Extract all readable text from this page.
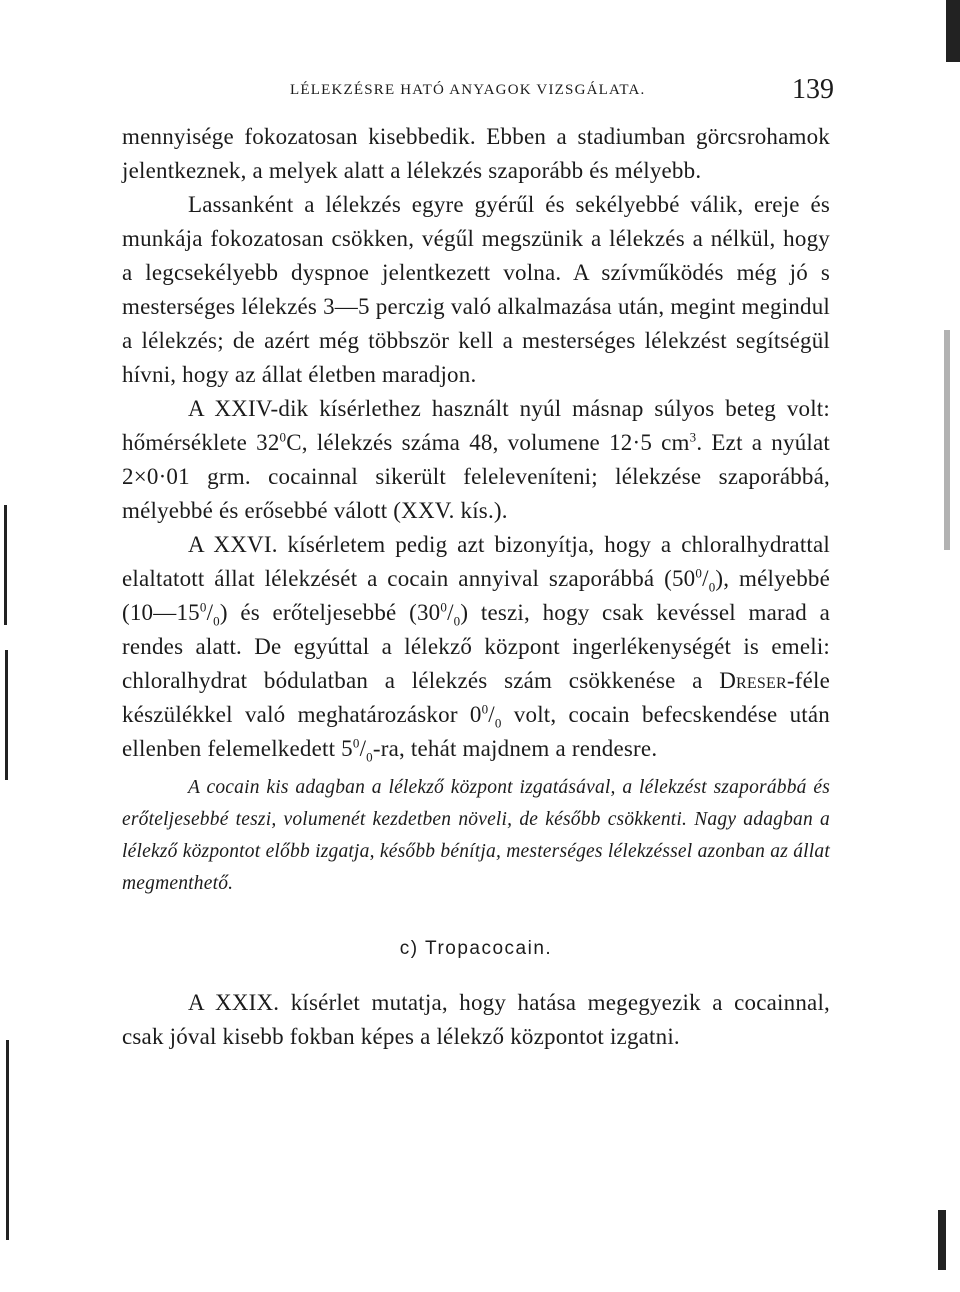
LÉLEKZÉSRE HATÓ ANYAGOK VIZSGÁLATA.	139

mennyisége fokozatosan kisebbedik. Ebben a stadiumban görcsrohamok jelentkeznek, a melyek alatt a lélekzés szaporább és mélyebb.

Lassanként a lélekzés egyre gyérűl és sekélyebbé válik, ereje és munkája fokozatosan csökken, végűl megszünik a lélekzés a nélkül, hogy a legcsekélyebb dyspnoe jelentkezett volna. A szívműködés még jó s mesterséges lélekzés 3—5 perczig való alkalmazása után, megint megindul a lélekzés; de azért még többször kell a mesterséges lélekzést segítségül hívni, hogy az állat életben maradjon.

A XXIV-dik kísérlethez használt nyúl másnap súlyos beteg volt: hőmérséklete $32^0C$, lélekzés száma 48, volumene 12·5 $cm^3$. Ezt a nyúlat 2×0·01 grm. cocainnal sikerült feleleveníteni; lélekzése szaporábbá, mélyebbé és erősebbé válott (XXV. kís.).

A XXVI. kísérletem pedig azt bizonyítja, hogy a chloralhydrattal elaltatott állat lélekzését a cocain annyival szaporábbá $(50^0/_0)$, mélyebbé $(10—15^0/_0)$ és erőteljesebbé $(30^0/_0)$ teszi, hogy csak kevéssel marad a rendes alatt. De egyúttal a lélekző központ ingerlékenységét is emeli: chloralhydrat bódulatban a lélekzés szám csökkenése a Dreser-féle készülékkel való meghatározáskor $0^0/_0$ volt, cocain befecskendése után ellenben felemelkedett $5^0/_0-ra$, tehát majdnem a rendesre.

A cocain kis adagban a lélekző központ izgatásával, a lélekzést szaporábbá és erőteljesebbé teszi, volumenét kezdetben növeli, de később csökkenti. Nagy adagban a lélekző központot előbb izgatja, később bénítja, mesterséges lélekzéssel azonban az állat megmenthető.

c) Tropacocain.

A XXIX. kísérlet mutatja, hogy hatása megegyezik a cocainnal, csak jóval kisebb fokban képes a lélekző központot izgatni.
